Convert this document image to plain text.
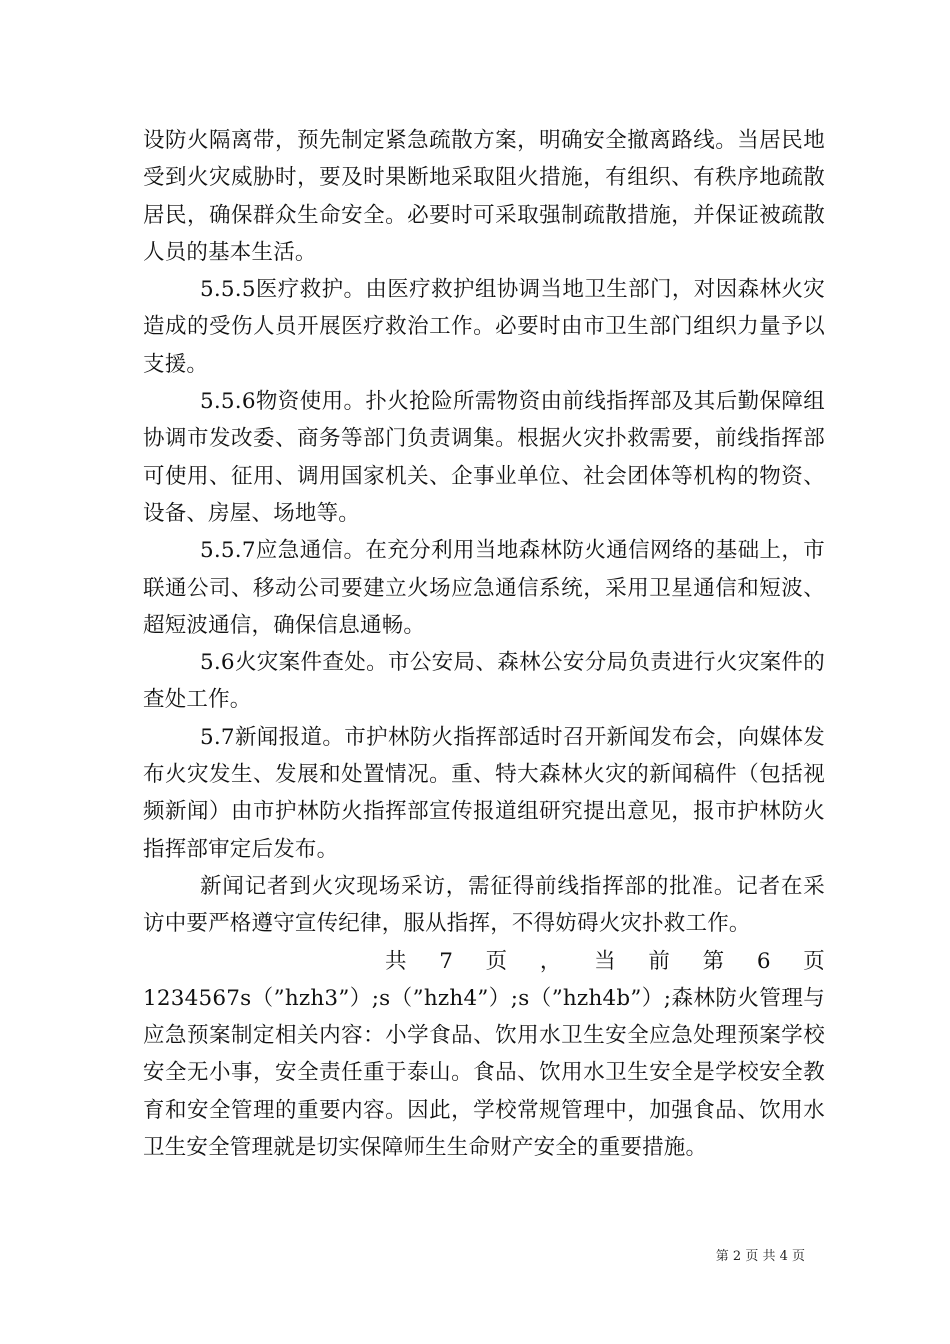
设防火隔离带，预先制定紧急疏散方案，明确安全撤离路线。当居民地受到火灾威胁时，要及时果断地采取阻火措施，有组织、有秩序地疏散居民，确保群众生命安全。必要时可采取强制疏散措施，并保证被疏散人员的基本生活。

5.5.5医疗救护。由医疗救护组协调当地卫生部门，对因森林火灾造成的受伤人员开展医疗救治工作。必要时由市卫生部门组织力量予以支援。

5.5.6物资使用。扑火抢险所需物资由前线指挥部及其后勤保障组协调市发改委、商务等部门负责调集。根据火灾扑救需要，前线指挥部可使用、征用、调用国家机关、企事业单位、社会团体等机构的物资、设备、房屋、场地等。

5.5.7应急通信。在充分利用当地森林防火通信网络的基础上，市联通公司、移动公司要建立火场应急通信系统，采用卫星通信和短波、超短波通信，确保信息通畅。

5.6火灾案件查处。市公安局、森林公安分局负责进行火灾案件的查处工作。

5.7新闻报道。市护林防火指挥部适时召开新闻发布会，向媒体发布火灾发生、发展和处置情况。重、特大森林火灾的新闻稿件（包括视频新闻）由市护林防火指挥部宣传报道组研究提出意见，报市护林防火指挥部审定后发布。

新闻记者到火灾现场采访，需征得前线指挥部的批准。记者在采访中要严格遵守宣传纪律，服从指挥，不得妨碍火灾扑救工作。

共 7 页 ， 当 前 第 6 页

1234567s（”hzh3”）;s（”hzh4”）;s（”hzh4b”）;森林防火管理与应急预案制定相关内容：小学食品、饮用水卫生安全应急处理预案学校安全无小事，安全责任重于泰山。食品、饮用水卫生安全是学校安全教育和安全管理的重要内容。因此，学校常规管理中，加强食品、饮用水卫生安全管理就是切实保障师生生命财产安全的重要措施。

第 2 页 共 4 页
